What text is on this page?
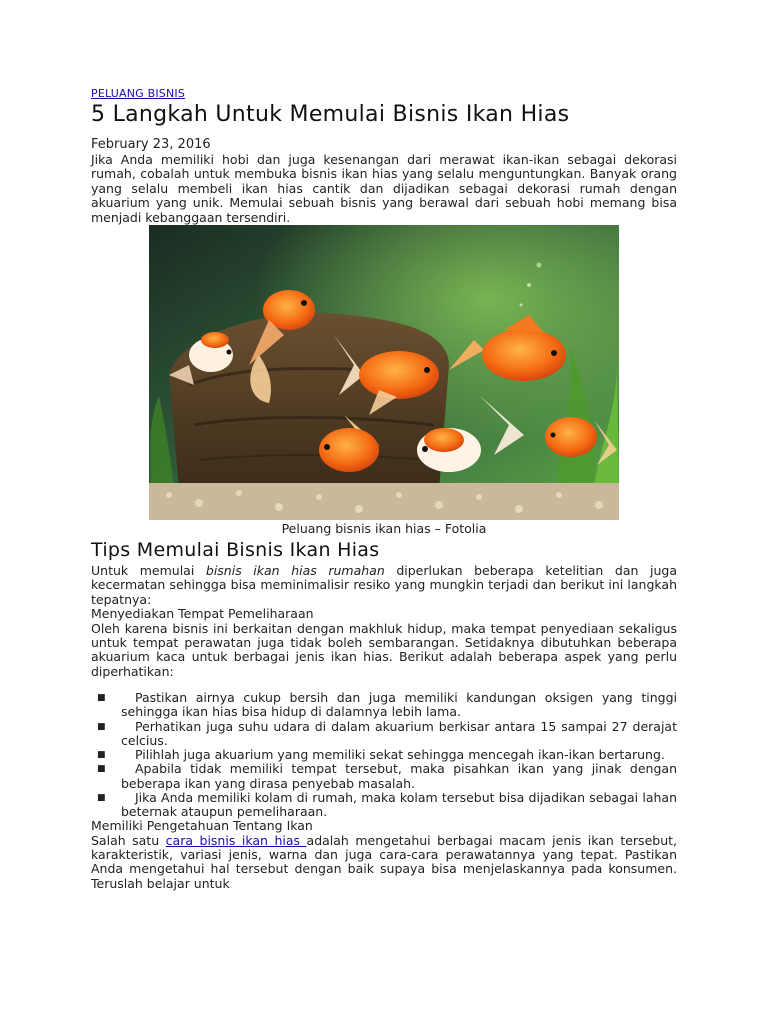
PELUANG BISNIS
5 Langkah Untuk Memulai Bisnis Ikan Hias
February 23, 2016

Jika Anda memiliki hobi dan juga kesenangan dari merawat ikan-ikan sebagai dekorasi rumah, cobalah untuk membuka bisnis ikan hias yang selalu menguntungkan. Banyak orang yang selalu membeli ikan hias cantik dan dijadikan sebagai dekorasi rumah dengan akuarium yang unik. Memulai sebuah bisnis yang berawal dari sebuah hobi memang bisa menjadi kebanggaan tersendiri.

Peluang bisnis ikan hias – Fotolia
Tips Memulai Bisnis Ikan Hias

Untuk memulai bisnis ikan hias rumahan diperlukan beberapa ketelitian dan juga kecermatan sehingga bisa meminimalisir resiko yang mungkin terjadi dan berikut ini langkah tepatnya:

Menyediakan Tempat Pemeliharaan

Oleh karena bisnis ini berkaitan dengan makhluk hidup, maka tempat penyediaan sekaligus untuk tempat perawatan juga tidak boleh sembarangan. Setidaknya dibutuhkan beberapa akuarium kaca untuk berbagai jenis ikan hias. Berikut adalah beberapa aspek yang perlu diperhatikan:

■	Pastikan airnya cukup bersih dan juga memiliki kandungan oksigen yang tinggi sehingga ikan hias bisa hidup di dalamnya lebih lama.
■	Perhatikan juga suhu udara di dalam akuarium berkisar antara 15 sampai 27 derajat celcius.
■	Pilihlah juga akuarium yang memiliki sekat sehingga mencegah ikan-ikan bertarung.
■	Apabila tidak memiliki tempat tersebut, maka pisahkan ikan yang jinak dengan beberapa ikan yang dirasa penyebab masalah.
■	Jika Anda memiliki kolam di rumah, maka kolam tersebut bisa dijadikan sebagai lahan beternak ataupun pemeliharaan.
Memiliki Pengetahuan Tentang Ikan

Salah satu cara bisnis ikan hias adalah mengetahui berbagai macam jenis ikan tersebut, karakteristik, variasi jenis, warna dan juga cara-cara perawatannya yang tepat. Pastikan Anda mengetahui hal tersebut dengan baik supaya bisa menjelaskannya pada konsumen. Teruslah belajar untuk
